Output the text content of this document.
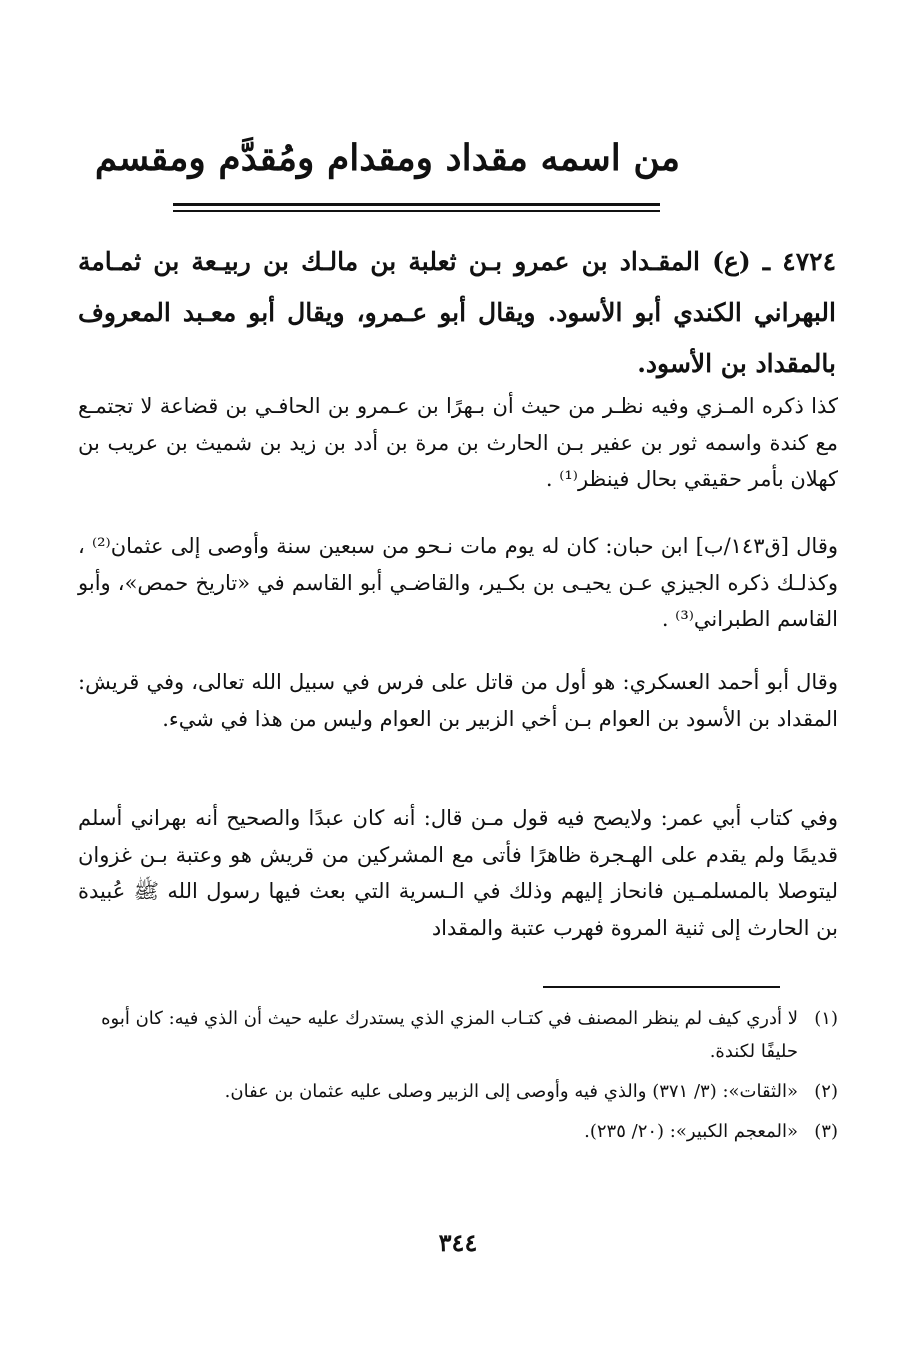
من اسمه مقداد ومقدام ومُقدَّم ومقسم
٤٧٢٤ ـ (ع) المقـداد بن عمرو بـن ثعلبة بن مالـك بن ربيـعة بن ثمـامة البهراني الكندي أبو الأسود. ويقال أبو عـمرو، ويقال أبو معـبد المعروف بالمقداد بن الأسود.
كذا ذكره المـزي وفيه نظـر من حيث أن بـهرًا بن عـمرو بن الحافـي بن قضاعة لا تجتمـع مع كندة واسمه ثور بن عفير بـن الحارث بن مرة بن أدد بن زيد بن شميث بن عريب بن كهلان بأمر حقيقي بحال فينظر⁽¹⁾ .
وقال [ق١٤٣/ب] ابن حبان: كان له يوم مات نـحو من سبعين سنة وأوصى إلى عثمان⁽²⁾ ، وكذلـك ذكره الجيزي عـن يحيـى بن بكـير، والقاضـي أبو القاسم في «تاريخ حمص»، وأبو القاسم الطبراني⁽³⁾ .
وقال أبو أحمد العسكري: هو أول من قاتل على فرس في سبيل الله تعالى، وفي قريش: المقداد بن الأسود بن العوام بـن أخي الزبير بن العوام وليس من هذا في شيء.
وفي كتاب أبي عمر: ولايصح فيه قول مـن قال: أنه كان عبدًا والصحيح أنه بهراني أسلم قديمًا ولم يقدم على الهـجرة ظاهرًا فأتى مع المشركين من قريش هو وعتبة بـن غزوان ليتوصلا بالمسلمـين فانحاز إليهم وذلك في الـسرية التي بعث فيها رسول الله ﷺ عُبيدة بن الحارث إلى ثنية المروة فهرب عتبة والمقداد
(١)
لا أدري كيف لم ينظر المصنف في كتـاب المزي الذي يستدرك عليه حيث أن الذي فيه: كان أبوه حليفًا لكندة.
(٢)
«الثقات»: (٣/ ٣٧١) والذي فيه وأوصى إلى الزبير وصلى عليه عثمان بن عفان.
(٣)
«المعجم الكبير»: (٢٠/ ٢٣٥).
٣٤٤
